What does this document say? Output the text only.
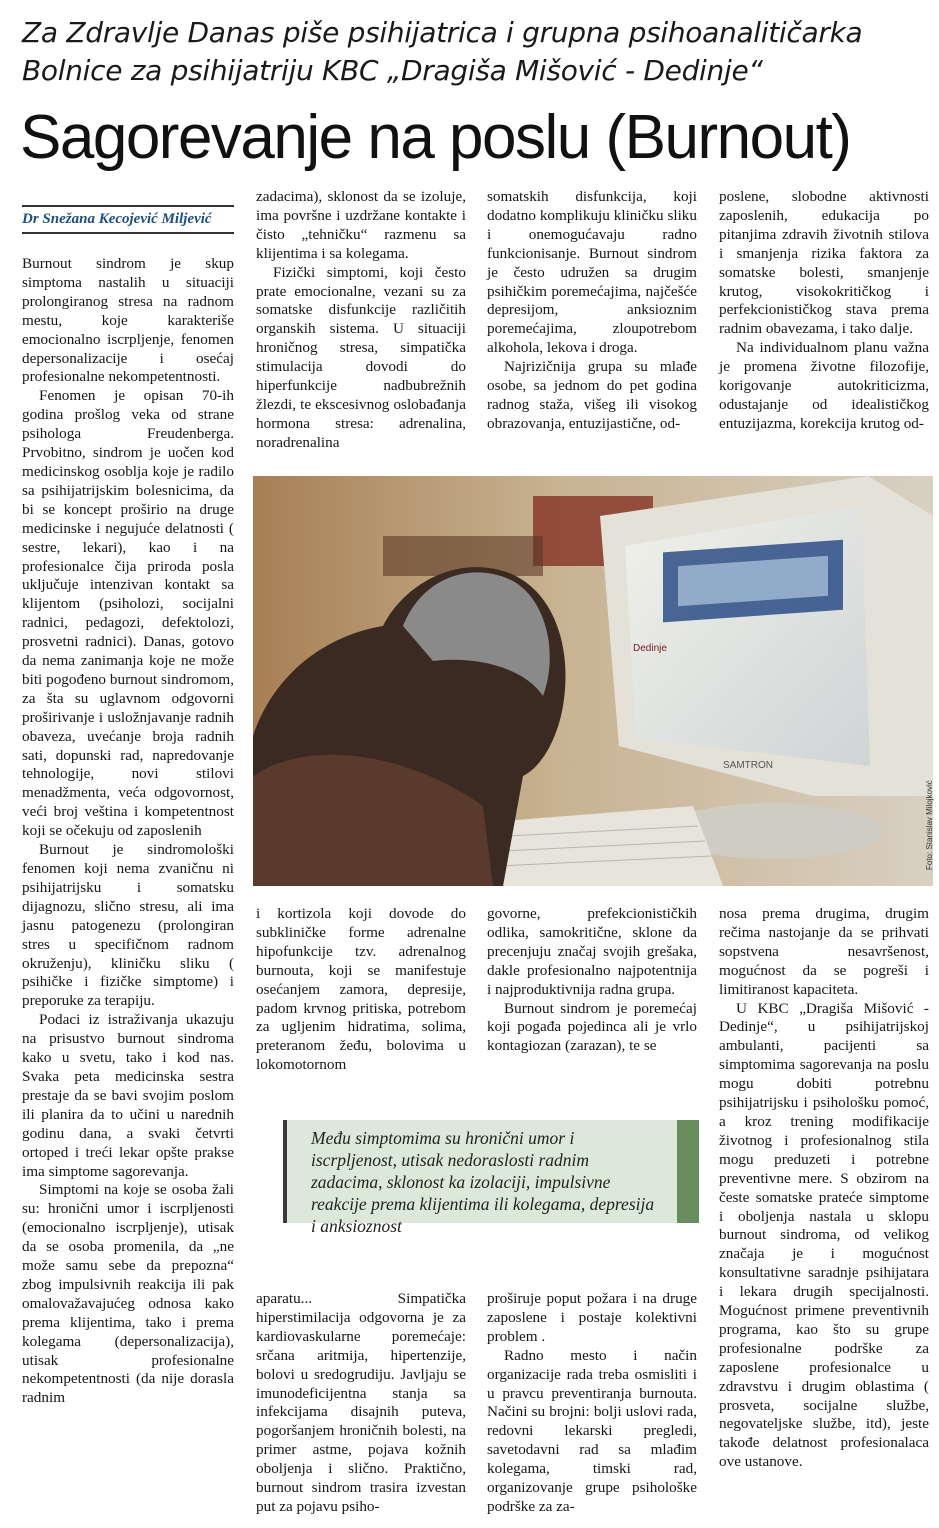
Za Zdravlje Danas piše psihijatrica i grupna psihoanalitičarka
Bolnice za psihijatriju KBC „Dragiša Mišović - Dedinje“
Sagorevanje na poslu (Burnout)
Dr Snežana Kecojević Miljević

Burnout sindrom je skup simptoma nastalih u situaciji prolongiranog stresa na radnom mestu, koje karakteriše emocionalno iscrpljenje, fenomen depersonalizacije i osećaj profesionalne nekompetentnosti.

Fenomen je opisan 70-ih godina prošlog veka od strane psihologa Freudenberga. Prvobitno, sindrom je uočen kod medicinskog osoblja koje je radilo sa psihijatrijskim bolesnicima, da bi se koncept proširio na druge medicinske i negujuće delatnosti ( sestre, lekari), kao i na profesionalce čija priroda posla uključuje intenzivan kontakt sa klijentom (psiholozi, socijalni radnici, pedagozi, defektolozi, prosvetni radnici). Danas, gotovo da nema zanimanja koje ne može biti pogođeno burnout sindromom, za šta su uglavnom odgovorni proširivanje i usložnjavanje radnih obaveza, uvećanje broja radnih sati, dopunski rad, napredovanje tehnologije, novi stilovi menadžmenta, veća odgovornost, veći broj veština i kompetentnost koji se očekuju od zaposlenih

Burnout je sindromološki fenomen koji nema zvaničnu ni psihijatrijsku i somatsku dijagnozu, slično stresu, ali ima jasnu patogenezu (prolongiran stres u specifičnom radnom okruženju), kliničku sliku ( psihičke i fizičke simptome) i preporuke za terapiju.

Podaci iz istraživanja ukazuju na prisustvo burnout sindroma kako u svetu, tako i kod nas. Svaka peta medicinska sestra prestaje da se bavi svojim poslom ili planira da to učini u narednih godinu dana, a svaki četvrti ortoped i treći lekar opšte prakse ima simptome sagorevanja.

Simptomi na koje se osoba žali su: hronični umor i iscrpljenosti (emocionalno iscrpljenje), utisak da se osoba promenila, da „ne može samu sebe da prepozna“ zbog impulsivnih reakcija ili pak omalovažavajućeg odnosa kako prema klijentima, tako i prema kolegama (depersonalizacija), utisak profesionalne nekompetentnosti (da nije dorasla radnim

zadacima), sklonost da se izoluje, ima površne i uzdržane kontakte i čisto „tehničku“ razmenu sa klijentima i sa kolegama.

Fizički simptomi, koji često prate emocionalne, vezani su za somatske disfunkcije različitih organskih sistema. U situaciji hroničnog stresa, simpatička stimulacija dovodi do hiperfunkcije nadbubrežnih žlezdi, te ekscesivnog oslobađanja hormona stresa: adrenalina, noradrenalina

i kortizola koji dovode do subkliničke forme adrenalne hipofunkcije tzv. adrenalnog burnouta, koji se manifestuje osećanjem zamora, depresije, padom krvnog pritiska, potrebom za ugljenim hidratima, solima, preteranom žeđu, bolovima u lokomotornom

aparatu... Simpatička hiperstimilacija odgovorna je za kardiovaskularne poremećaje: srčana aritmija, hipertenzije, bolovi u sredogrudiju. Javljaju se imunodeficijentna stanja sa infekcijama disajnih puteva, pogoršanjem hroničnih bolesti, na primer astme, pojava kožnih oboljenja i slično. Praktično, burnout sindrom trasira izvestan put za pojavu psiho-

somatskih disfunkcija, koji dodatno komplikuju kliničku sliku i onemogućavaju radno funkcionisanje. Burnout sindrom je često udružen sa drugim psihičkim poremećajima, najčešće depresijom, anksioznim poremećajima, zloupotrebom alkohola, lekova i droga.

Najrizičnija grupa su mlađe osobe, sa jednom do pet godina radnog staža, višeg ili visokog obrazovanja, entuzijastične, od-

govorne, prefekcionističkih odlika, samokritične, sklone da precenjuju značaj svojih grešaka, dakle profesionalno najpotentnija i najproduktivnija radna grupa.

Burnout sindrom je poremećaj koji pogađa pojedinca ali je vrlo kontagiozan (zarazan), te se

proširuje poput požara i na druge zaposlene i postaje kolektivni problem .

Radno mesto i način organizacije rada treba osmisliti i u pravcu preventiranja burnouta. Načini su brojni: bolji uslovi rada, redovni lekarski pregledi, savetodavni rad sa mlađim kolegama, timski rad, organizovanje grupe psihološke podrške za za-

poslene, slobodne aktivnosti zaposlenih, edukacija po pitanjima zdravih životnih stilova i smanjenja rizika faktora za somatske bolesti, smanjenje krutog, visokokritičkog i perfekcionističkog stava prema radnim obavezama, i tako dalje.

Na individualnom planu važna je promena životne filozofije, korigovanje autokriticizma, odustajanje od idealističkog entuzijazma, korekcija krutog od-

nosa prema drugima, drugim rečima nastojanje da se prihvati sopstvena nesavršenost, mogućnost da se pogreši i limitiranost kapaciteta.

U KBC „Dragiša Mišović - Dedinje“, u psihijatrijskoj ambulanti, pacijenti sa simptomima sagorevanja na poslu mogu dobiti potrebnu psihijatrijsku i psihološku pomoć, a kroz trening modifikacije životnog i profesionalnog stila mogu preduzeti i potrebne preventivne mere. S obzirom na česte somatske prateće simptome i oboljenja nastala u sklopu burnout sindroma, od velikog značaja je i mogućnost konsultativne saradnje psihijatara i lekara drugih specijalnosti. Mogućnost primene preventivnih programa, kao što su grupe profesionalne podrške za zaposlene profesionalce u zdravstvu i drugim oblastima ( prosveta, socijalne službe, negovateljske službe, itd), jeste takođe delatnost profesionalaca ove ustanove.

Dedinje
SAMTRON
Foto: Stanislav Milojković
Među simptomima su hronični umor i iscrpljenost, utisak nedoraslosti radnim zadacima, sklonost ka izolaciji, impulsivne reakcije prema klijentima ili kolegama, depresija i anksioznost
